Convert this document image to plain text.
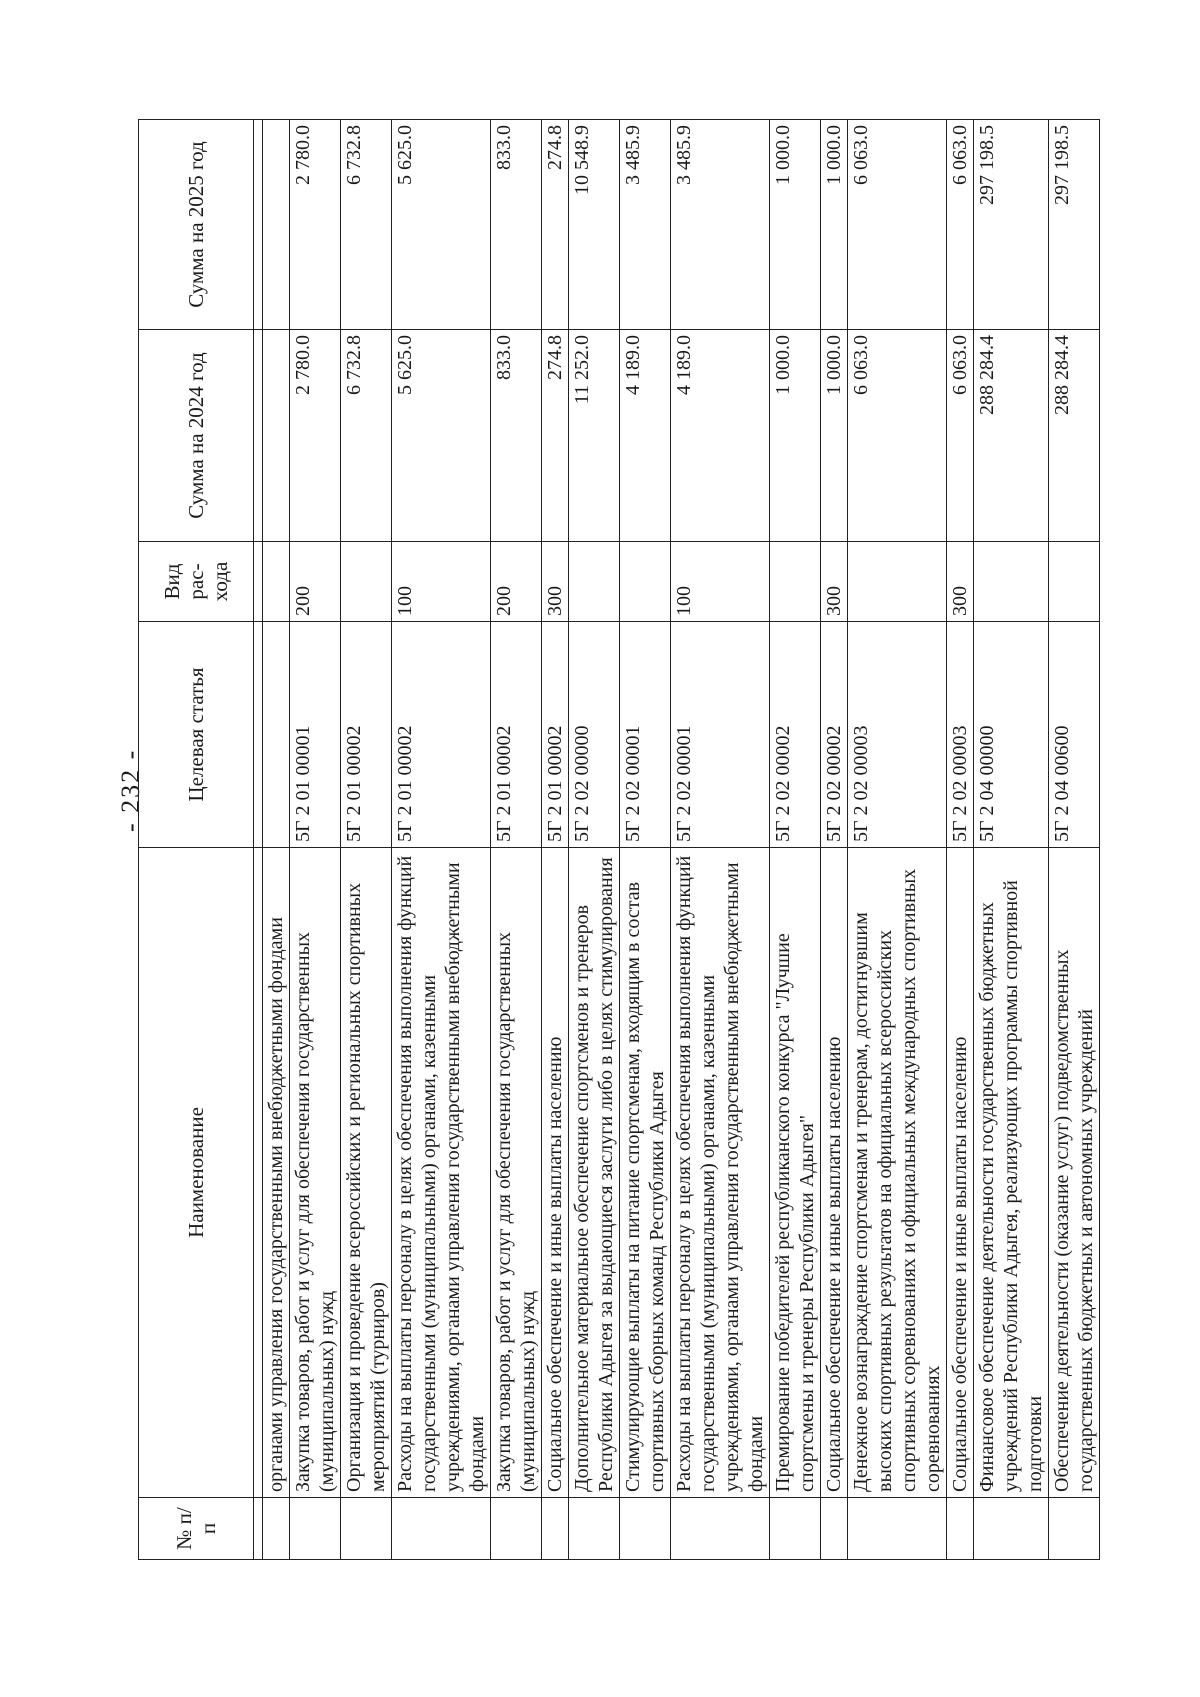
- 232 -
№ п/п	Наименование	Целевая статья	Вид рас-хода	Сумма на 2024 год	Сумма на 2025 год

	органами управления государственными внебюджетными фондами				
	Закупка товаров, работ и услуг для обеспечения государственных (муниципальных) нужд	5Г 2 01 00001	200	2 780.0	2 780.0
	Организация и проведение всероссийских и региональных спортивных мероприятий (турниров)	5Г 2 01 00002		6 732.8	6 732.8
	Расходы на выплаты персоналу в целях обеспечения выполнения функций государственными (муниципальными) органами, казенными учреждениями, органами управления государственными внебюджетными фондами	5Г 2 01 00002	100	5 625.0	5 625.0
	Закупка товаров, работ и услуг для обеспечения государственных (муниципальных) нужд	5Г 2 01 00002	200	833.0	833.0
	Социальное обеспечение и иные выплаты населению	5Г 2 01 00002	300	274.8	274.8
	Дополнительное материальное обеспечение спортсменов и тренеров Республики Адыгея за выдающиеся заслуги либо в целях стимулирования	5Г 2 02 00000		11 252.0	10 548.9
	Стимулирующие выплаты на питание спортсменам, входящим в состав спортивных сборных команд Республики Адыгея	5Г 2 02 00001		4 189.0	3 485.9
	Расходы на выплаты персоналу в целях обеспечения выполнения функций государственными (муниципальными) органами, казенными учреждениями, органами управления государственными внебюджетными фондами	5Г 2 02 00001	100	4 189.0	3 485.9
	Премирование победителей республиканского конкурса "Лучшие спортсмены и тренеры Республики Адыгея"	5Г 2 02 00002		1 000.0	1 000.0
	Социальное обеспечение и иные выплаты населению	5Г 2 02 00002	300	1 000.0	1 000.0
	Денежное вознаграждение спортсменам и тренерам, достигнувшим высоких спортивных результатов на официальных всероссийских спортивных соревнованиях и официальных международных спортивных соревнованиях	5Г 2 02 00003		6 063.0	6 063.0
	Социальное обеспечение и иные выплаты населению	5Г 2 02 00003	300	6 063.0	6 063.0
	Финансовое обеспечение деятельности государственных бюджетных учреждений Республики Адыгея, реализующих программы спортивной подготовки	5Г 2 04 00000		288 284.4	297 198.5
	Обеспечение деятельности (оказание услуг) подведомственных государственных бюджетных и автономных учреждений	5Г 2 04 00600		288 284.4	297 198.5
